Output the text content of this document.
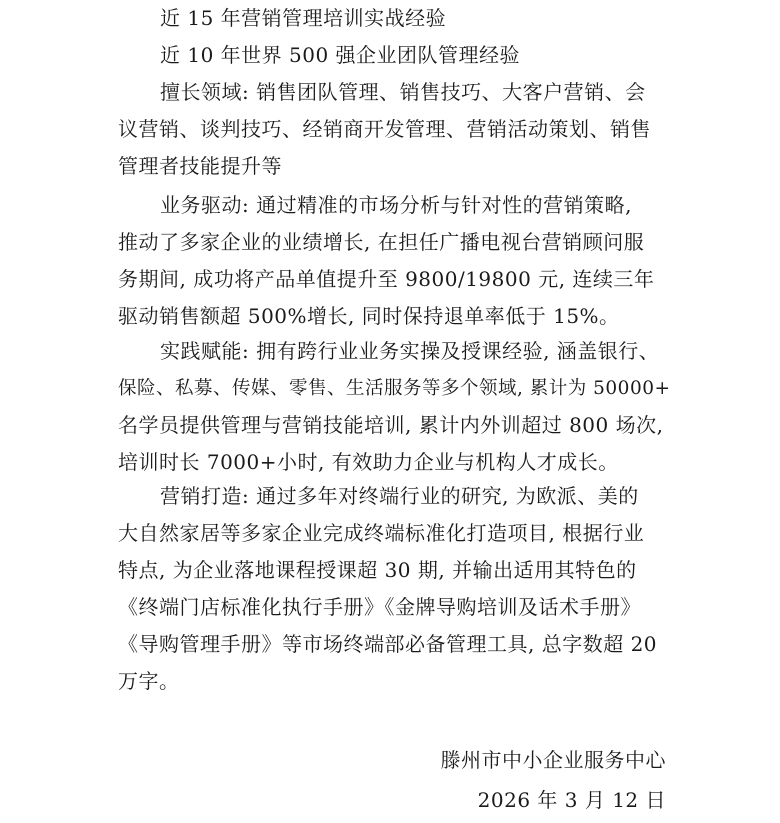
近 15 年营销管理培训实战经验
近 10 年世界 500 强企业团队管理经验
擅长领域: 销售团队管理、销售技巧、大客户营销、会
议营销、谈判技巧、经销商开发管理、营销活动策划、销售
管理者技能提升等
业务驱动: 通过精准的市场分析与针对性的营销策略,
推动了多家企业的业绩增长, 在担任广播电视台营销顾问服
务期间, 成功将产品单值提升至 9800/19800 元, 连续三年
驱动销售额超 500%增长, 同时保持退单率低于 15%。
实践赋能: 拥有跨行业业务实操及授课经验, 涵盖银行、
保险、私募、传媒、零售、生活服务等多个领域, 累计为 50000+
名学员提供管理与营销技能培训, 累计内外训超过 800 场次,
培训时长 7000+小时, 有效助力企业与机构人才成长。
营销打造: 通过多年对终端行业的研究, 为欧派、美的
大自然家居等多家企业完成终端标准化打造项目, 根据行业
特点, 为企业落地课程授课超 30 期, 并输出适用其特色的
《终端门店标准化执行手册》《金牌导购培训及话术手册》
《导购管理手册》等市场终端部必备管理工具, 总字数超 20
万字。
滕州市中小企业服务中心
2026 年 3 月 12 日
